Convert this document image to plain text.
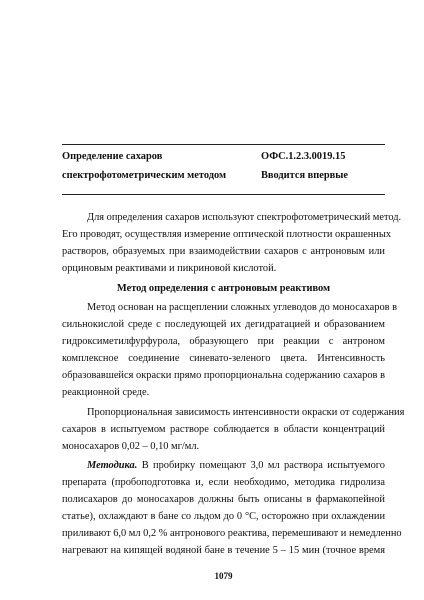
Определение сахаров
спектрофотометрическим методом
ОФС.1.2.3.0019.15
Вводится впервые
Для определения сахаров используют спектрофотометрический метод.
Его проводят, осуществляя измерение оптической плотности окрашенных
растворов, образуемых при взаимодействии сахаров с антроновым или
орциновым реактивами и пикриновой кислотой.
Метод определения с антроновым реактивом
Метод основан на расщеплении сложных углеводов до моносахаров в
сильнокислой среде с последующей их дегидратацией и образованием
гидроксиметилфурфурола, образующего при реакции с антроном
комплексное соединение синевато-зеленого цвета. Интенсивность
образовавшейся окраски прямо пропорциональна содержанию сахаров в
реакционной среде.
Пропорциональная зависимость интенсивности окраски от содержания
сахаров в испытуемом растворе соблюдается в области концентраций
моносахаров 0,02 – 0,10 мг/мл.
Методика. В пробирку помещают 3,0 мл раствора испытуемого
препарата (пробоподготовка и, если необходимо, методика гидролиза
полисахаров до моносахаров должны быть описаны в фармакопейной
статье), охлаждают в бане со льдом до 0 °С, осторожно при охлаждении
приливают 6,0 мл 0,2 % антронового реактива, перемешивают и немедленно
нагревают на кипящей водяной бане в течение 5 – 15 мин (точное время
1079
